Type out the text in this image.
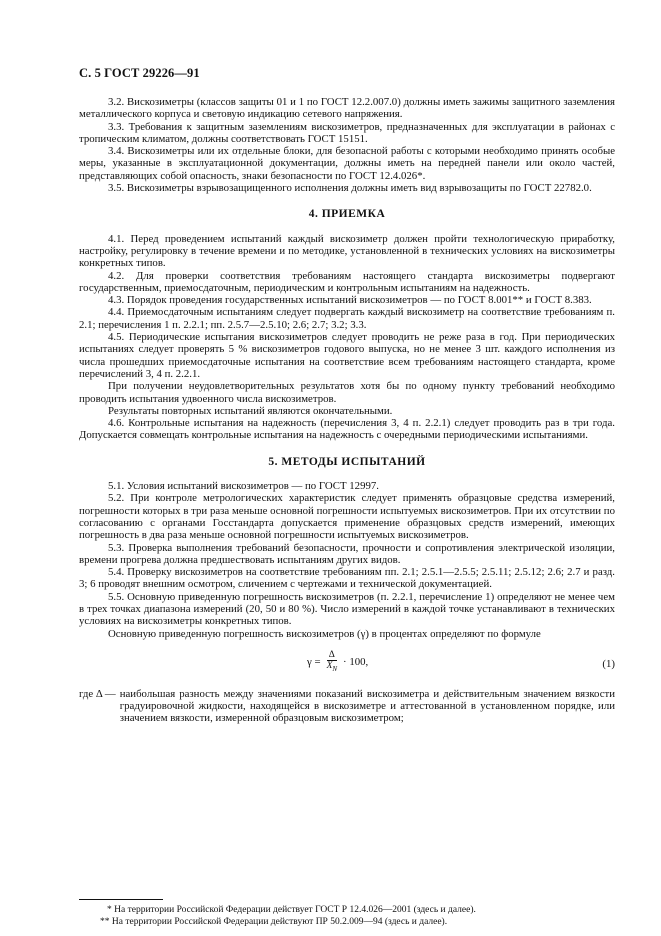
С. 5 ГОСТ 29226—91

3.2. Вискозиметры (классов защиты 01 и 1 по ГОСТ 12.2.007.0) должны иметь зажимы защитного заземления металлического корпуса и световую индикацию сетевого напряжения.

3.3. Требования к защитным заземлениям вискозиметров, предназначенных для эксплуатации в районах с тропическим климатом, должны соответствовать ГОСТ 15151.

3.4. Вискозиметры или их отдельные блоки, для безопасной работы с которыми необходимо принять особые меры, указанные в эксплуатационной документации, должны иметь на передней панели или около частей, представляющих собой опасность, знаки безопасности по ГОСТ 12.4.026*.

3.5. Вискозиметры взрывозащищенного исполнения должны иметь вид взрывозащиты по ГОСТ 22782.0.

4. ПРИЕМКА

4.1. Перед проведением испытаний каждый вискозиметр должен пройти технологическую приработку, настройку, регулировку в течение времени и по методике, установленной в технических условиях на вискозиметры конкретных типов.

4.2. Для проверки соответствия требованиям настоящего стандарта вискозиметры подвергают государственным, приемосдаточным, периодическим и контрольным испытаниям на надежность.

4.3. Порядок проведения государственных испытаний вискозиметров — по ГОСТ 8.001** и ГОСТ 8.383.

4.4. Приемосдаточным испытаниям следует подвергать каждый вискозиметр на соответствие требованиям п. 2.1; перечисления 1 п. 2.2.1; пп. 2.5.7—2.5.10; 2.6; 2.7; 3.2; 3.3.

4.5. Периодические испытания вискозиметров следует проводить не реже раза в год. При периодических испытаниях следует проверять 5 % вискозиметров годового выпуска, но не менее 3 шт. каждого исполнения из числа прошедших приемосдаточные испытания на соответствие всем требованиям настоящего стандарта, кроме перечислений 3, 4 п. 2.2.1.

При получении неудовлетворительных результатов хотя бы по одному пункту требований необходимо проводить испытания удвоенного числа вискозиметров.

Результаты повторных испытаний являются окончательными.

4.6. Контрольные испытания на надежность (перечисления 3, 4 п. 2.2.1) следует проводить раз в три года. Допускается совмещать контрольные испытания на надежность с очередными периодическими испытаниями.

5. МЕТОДЫ ИСПЫТАНИЙ

5.1. Условия испытаний вискозиметров — по ГОСТ 12997.

5.2. При контроле метрологических характеристик следует применять образцовые средства измерений, погрешности которых в три раза меньше основной погрешности испытуемых вискозиметров. При их отсутствии по согласованию с органами Госстандарта допускается применение образцовых средств измерений, имеющих погрешность в два раза меньше основной погрешности испытуемых вискозиметров.

5.3. Проверка выполнения требований безопасности, прочности и сопротивления электрической изоляции, времени прогрева должна предшествовать испытаниям других видов.

5.4. Проверку вискозиметров на соответствие требованиям пп. 2.1; 2.5.1—2.5.5; 2.5.11; 2.5.12; 2.6; 2.7 и разд. 3; 6 проводят внешним осмотром, сличением с чертежами и технической документацией.

5.5. Основную приведенную погрешность вискозиметров (п. 2.2.1, перечисление 1) определяют не менее чем в трех точках диапазона измерений (20, 50 и 80 %). Число измерений в каждой точке устанавливают в технических условиях на вискозиметры конкретных типов.

Основную приведенную погрешность вискозиметров (γ) в процентах определяют по формуле

$\gamma = \frac{\Delta}{X_N} \cdot 100$,	(1)
где Δ — наибольшая разность между значениями показаний вискозиметра и действительным значением вязкости градуировочной жидкости, находящейся в вискозиметре и аттестованной в установленном порядке, или значением вязкости, измеренной образцовым вискозиметром;

* На территории Российской Федерации действует ГОСТ Р 12.4.026—2001 (здесь и далее).

** На территории Российской Федерации действуют ПР 50.2.009—94 (здесь и далее).
